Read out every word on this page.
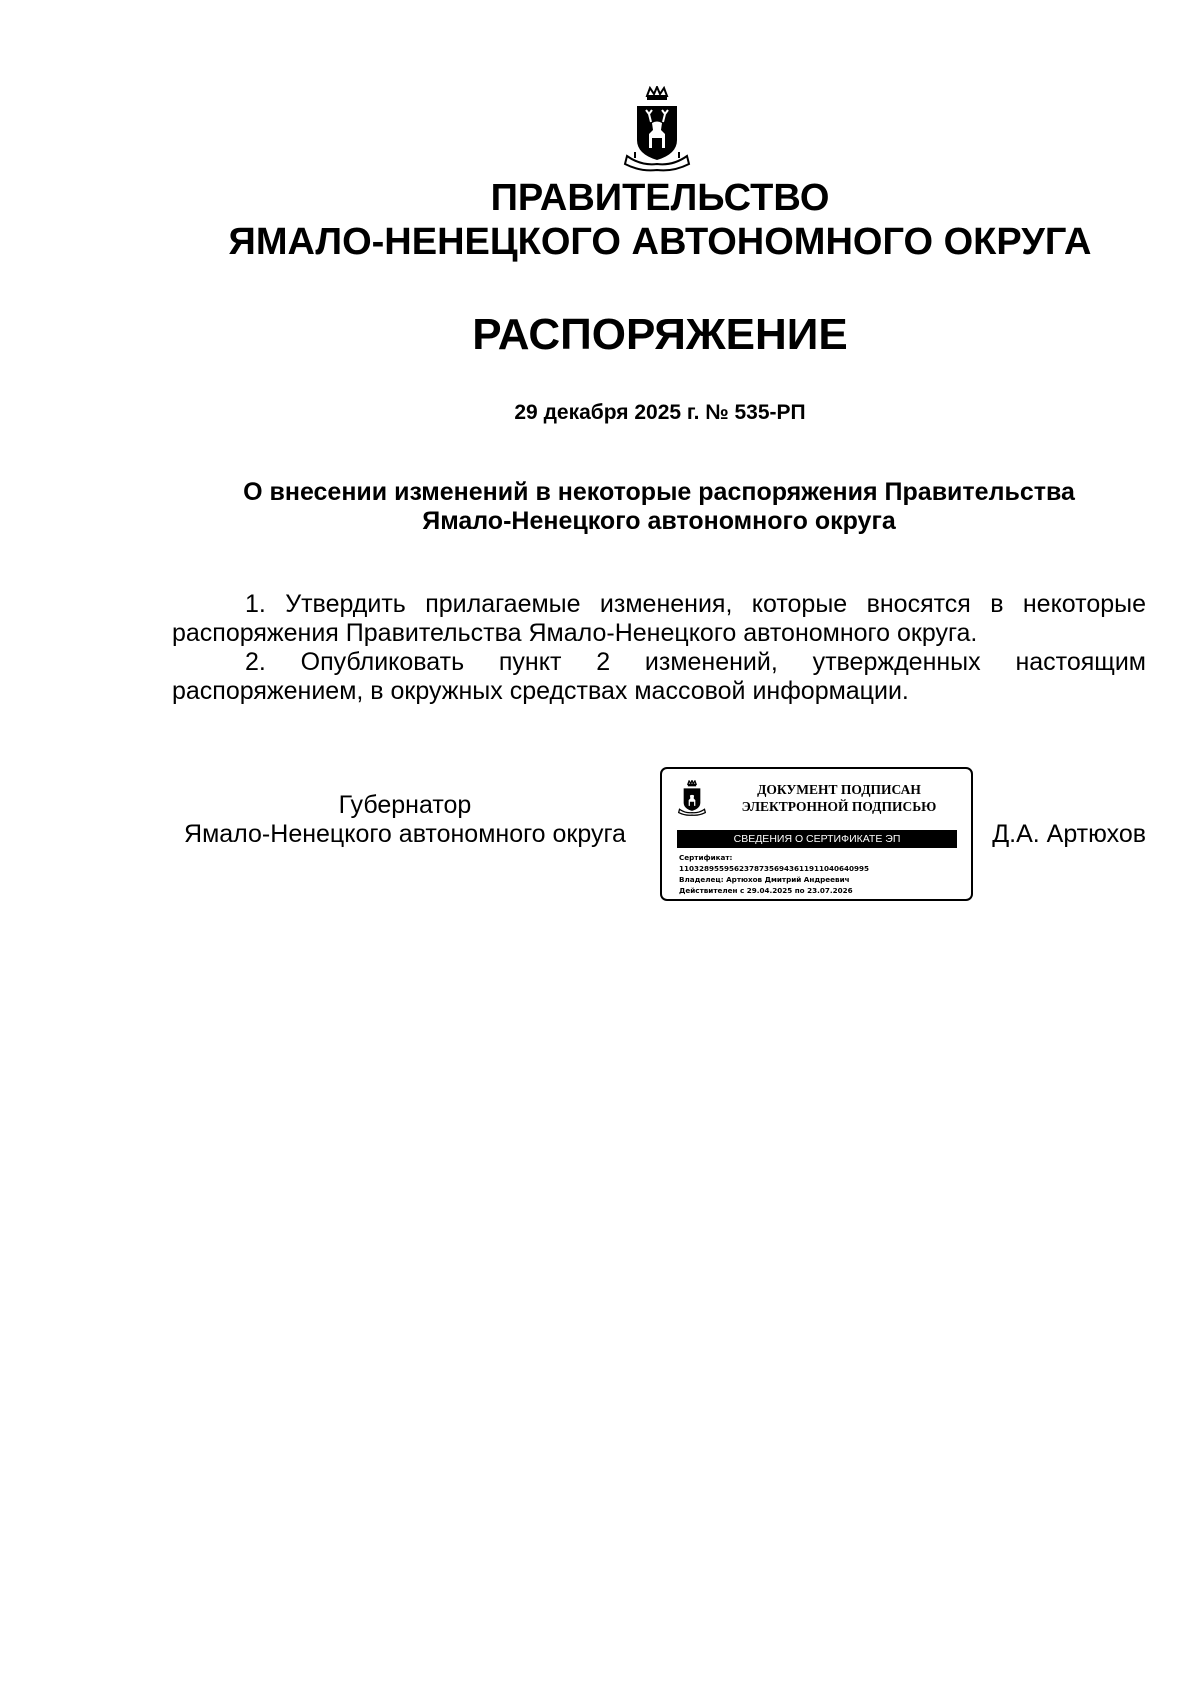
ПРАВИТЕЛЬСТВО
ЯМАЛО-НЕНЕЦКОГО АВТОНОМНОГО ОКРУГА
РАСПОРЯЖЕНИЕ
29 декабря 2025 г. № 535-РП
О внесении изменений в некоторые распоряжения Правительства
Ямало-Ненецкого автономного округа

1. Утвердить прилагаемые изменения, которые вносятся в некоторые распоряжения Правительства Ямало-Ненецкого автономного округа.

2. Опубликовать пункт 2 изменений, утвержденных настоящим распоряжением, в окружных средствах массовой информации.

Губернатор
Ямало-Ненецкого автономного округа
ДОКУМЕНТ ПОДПИСАН
ЭЛЕКТРОННОЙ ПОДПИСЬЮ
СВЕДЕНИЯ О СЕРТИФИКАТЕ ЭП
Сертификат:
11032895595623787356943611911040640995
Владелец: Артюхов Дмитрий Андреевич
Действителен с 29.04.2025 по 23.07.2026
Д.А. Артюхов
